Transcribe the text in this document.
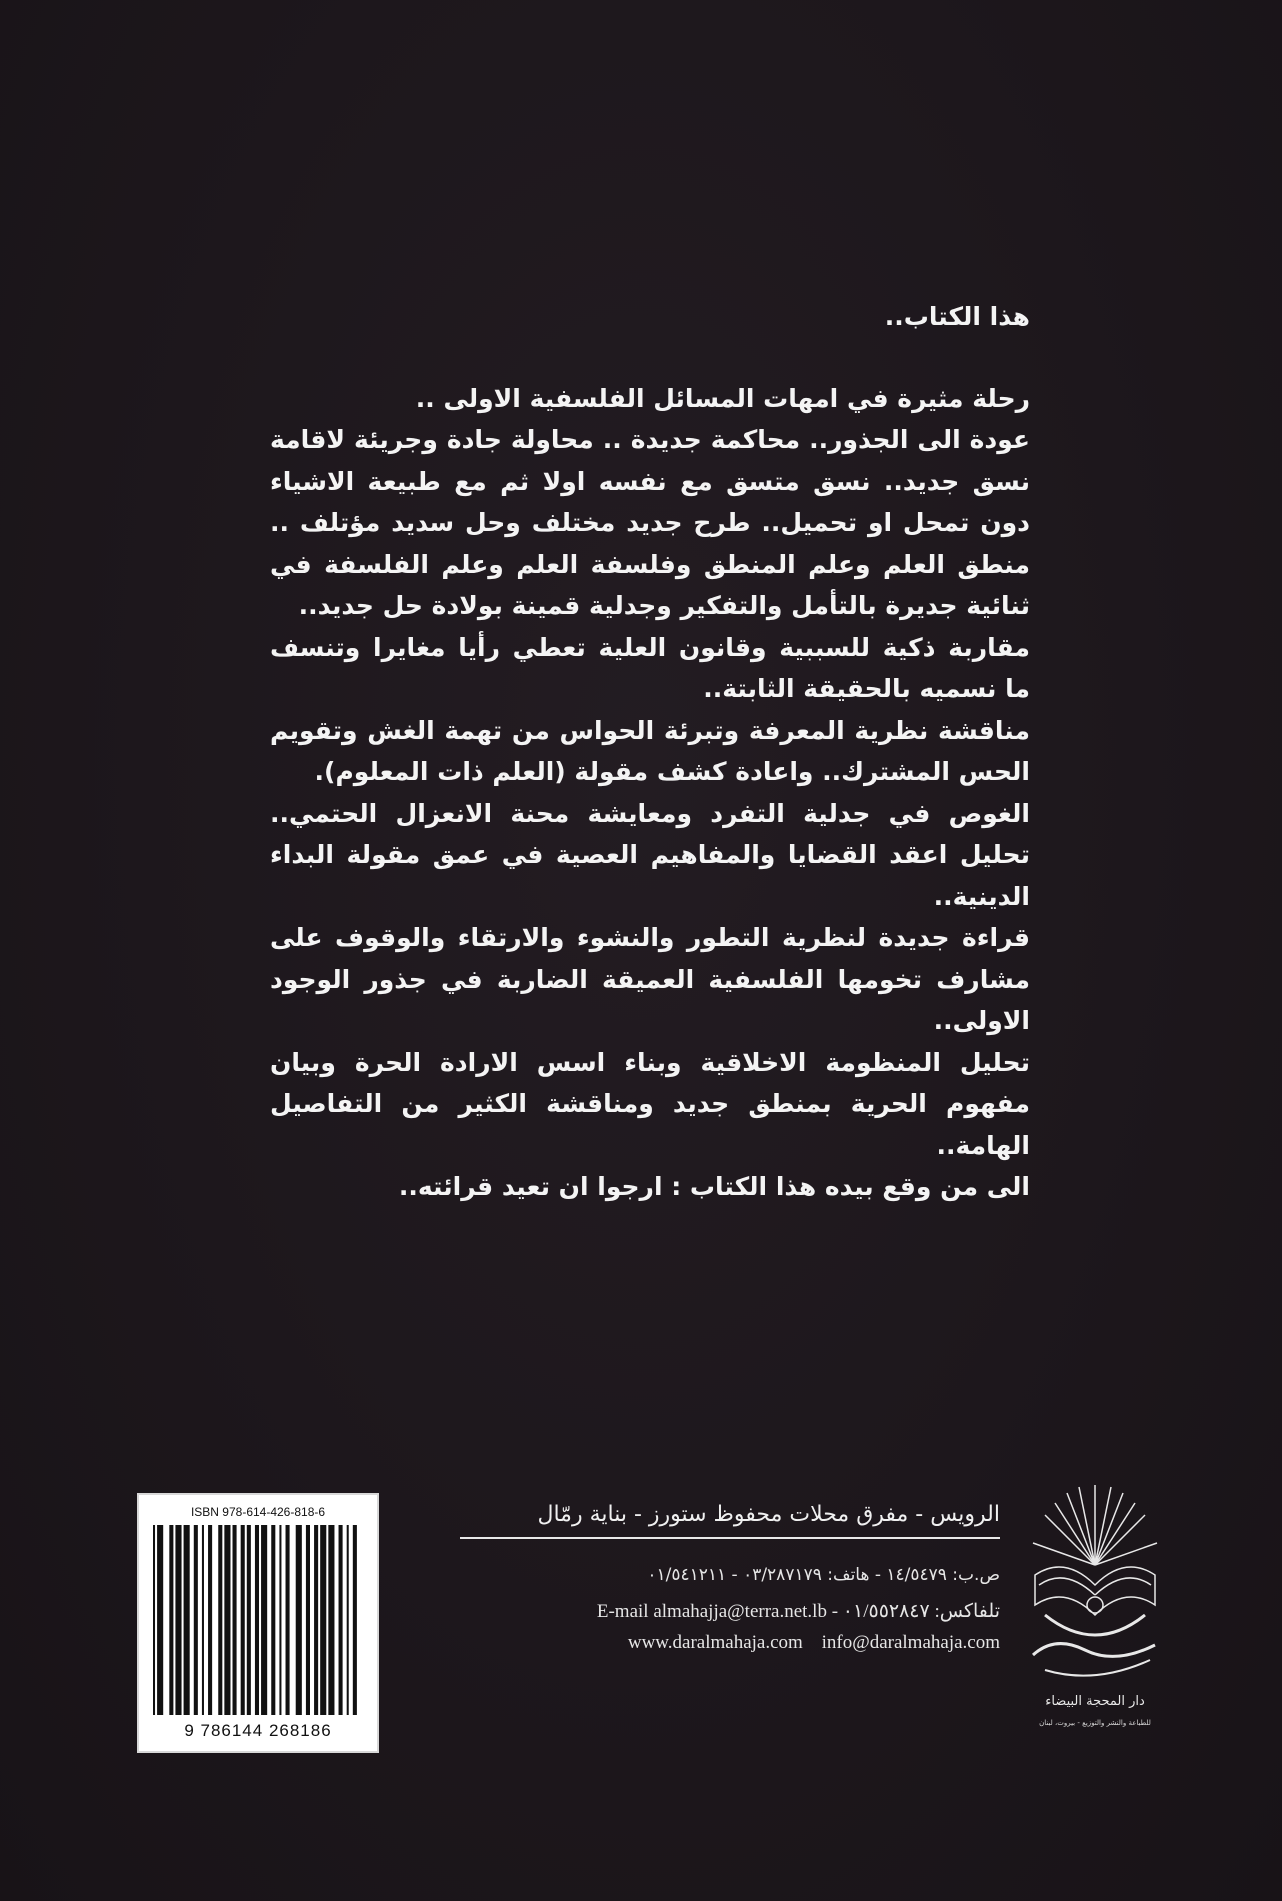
هذا الكتاب..

رحلة مثيرة في امهات المسائل الفلسفية الاولى ..

عودة الى الجذور.. محاكمة جديدة .. محاولة جادة وجريئة لاقامة نسق جديد.. نسق متسق مع نفسه اولا ثم مع طبيعة الاشياء دون تمحل او تحميل.. طرح جديد مختلف وحل سديد مؤتلف .. منطق العلم وعلم المنطق وفلسفة العلم وعلم الفلسفة في ثنائية جديرة بالتأمل والتفكير وجدلية قمينة بولادة حل جديد..

مقاربة ذكية للسببية وقانون العلية تعطي رأيا مغايرا وتنسف ما نسميه بالحقيقة الثابتة..

مناقشة نظرية المعرفة وتبرئة الحواس من تهمة الغش وتقويم الحس المشترك.. واعادة كشف مقولة (العلم ذات المعلوم).

الغوص في جدلية التفرد ومعايشة محنة الانعزال الحتمي.. تحليل اعقد القضايا والمفاهيم العصية في عمق مقولة البداء الدينية..

قراءة جديدة لنظرية التطور والنشوء والارتقاء والوقوف على مشارف تخومها الفلسفية العميقة الضاربة في جذور الوجود الاولى..

تحليل المنظومة الاخلاقية وبناء اسس الارادة الحرة وبيان مفهوم الحرية بمنطق جديد ومناقشة الكثير من التفاصيل الهامة..

الى من وقع بيده هذا الكتاب : ارجوا ان تعيد قرائته..

الرويس - مفرق محلات محفوظ ستورز - بناية رمّال
ص.ب: ١٤/٥٤٧٩ - هاتف: ٠٣/٢٨٧١٧٩ - ٠١/٥٤١٢١١
تلفاكس: ٠١/٥٥٢٨٤٧ - E-mail almahajja@terra.net.lb
www.daralmahaja.com info@daralmahaja.com
ISBN 978-614-426-818-6
9 786144 268186
دار المحجة البيضاء
للطباعة والنشر والتوزيع - بيروت، لبنان
